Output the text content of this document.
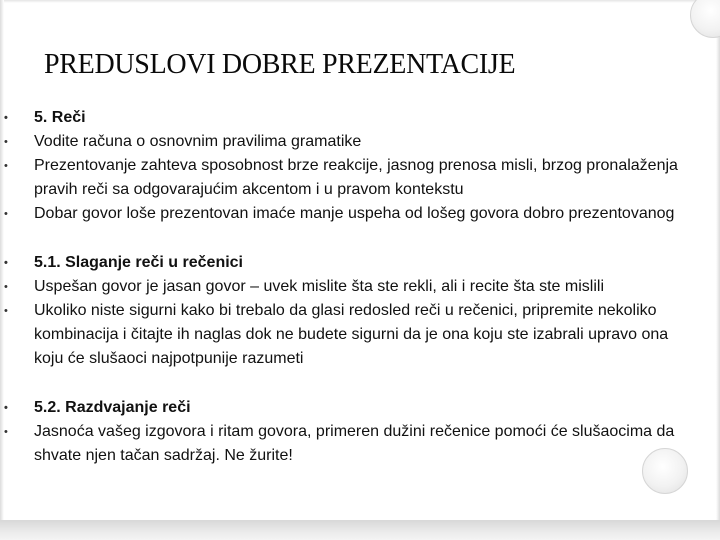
PREDUSLOVI DOBRE PREZENTACIJE
• 5. Reči
• Vodite računa o osnovnim pravilima gramatike
• Prezentovanje zahteva sposobnost brze reakcije, jasnog prenosa misli, brzog pronalaženja pravih reči sa odgovarajućim akcentom i u pravom kontekstu
• Dobar govor loše prezentovan imaće manje uspeha od lošeg govora dobro prezentovanog
• 5.1. Slaganje reči u rečenici
• Uspešan govor je jasan govor – uvek mislite šta ste rekli, ali i recite šta ste mislili
• Ukoliko niste sigurni kako bi trebalo da glasi redosled reči u rečenici, pripremite nekoliko kombinacija i čitajte ih naglas dok ne budete sigurni da je ona koju ste izabrali upravo ona koju će slušaoci najpotpunije razumeti
• 5.2. Razdvajanje reči
• Jasnoća vašeg izgovora i ritam govora, primeren dužini rečenice pomoći će slušaocima da shvate njen tačan sadržaj. Ne žurite!
